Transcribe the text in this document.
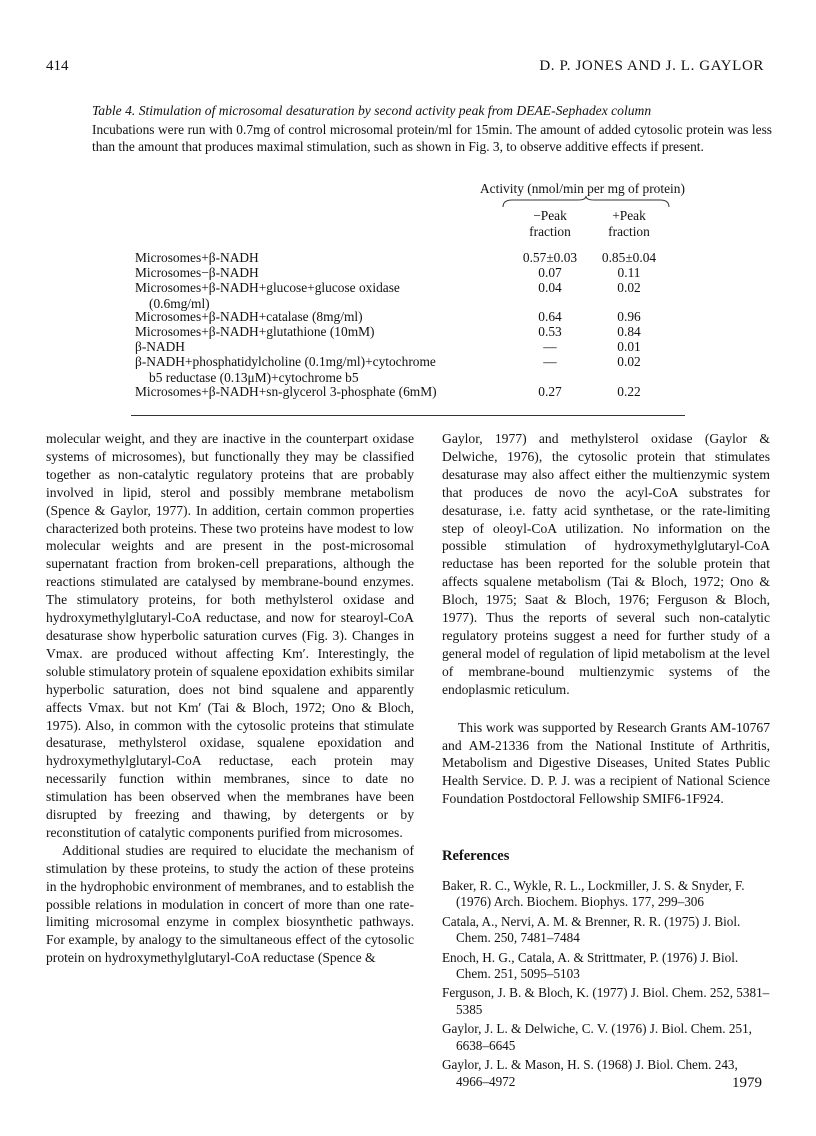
414	D. P. JONES AND J. L. GAYLOR
Table 4. Stimulation of microsomal desaturation by second activity peak from DEAE-Sephadex column
Incubations were run with 0.7mg of control microsomal protein/ml for 15min. The amount of added cytosolic protein was less than the amount that produces maximal stimulation, such as shown in Fig. 3, to observe additive effects if present.
Activity (nmol/min per mg of protein)
−Peak
fraction
+Peak
fraction
Microsomes+β-NADH	0.57±0.03	0.85±0.04
Microsomes−β-NADH	0.07	0.11
Microsomes+β-NADH+glucose+glucose oxidase
(0.6mg/ml)
0.04	0.02
Microsomes+β-NADH+catalase (8mg/ml)	0.64	0.96
Microsomes+β-NADH+glutathione (10mM)	0.53	0.84
β-NADH	—	0.01
β-NADH+phosphatidylcholine (0.1mg/ml)+cytochrome
b5 reductase (0.13μM)+cytochrome b5
—	0.02
Microsomes+β-NADH+sn-glycerol 3-phosphate (6mM)	0.27	0.22

molecular weight, and they are inactive in the counterpart oxidase systems of microsomes), but functionally they may be classified together as non-catalytic regulatory proteins that are probably involved in lipid, sterol and possibly membrane metabolism (Spence & Gaylor, 1977). In addition, certain common properties characterized both proteins. These two proteins have modest to low molecular weights and are present in the post-microsomal supernatant fraction from broken-cell preparations, although the reactions stimulated are catalysed by membrane-bound enzymes. The stimulatory proteins, for both methylsterol oxidase and hydroxymethylglutaryl-CoA reductase, and now for stearoyl-CoA desaturase show hyperbolic saturation curves (Fig. 3). Changes in Vmax. are produced without affecting Km′. Interestingly, the soluble stimulatory protein of squalene epoxidation exhibits similar hyperbolic saturation, does not bind squalene and apparently affects Vmax. but not Km′ (Tai & Bloch, 1972; Ono & Bloch, 1975). Also, in common with the cytosolic proteins that stimulate desaturase, methylsterol oxidase, squalene epoxidation and hydroxymethylglutaryl-CoA reductase, each protein may necessarily function within membranes, since to date no stimulation has been observed when the membranes have been disrupted by freezing and thawing, by detergents or by reconstitution of catalytic components purified from microsomes.

Additional studies are required to elucidate the mechanism of stimulation by these proteins, to study the action of these proteins in the hydrophobic environment of membranes, and to establish the possible relations in modulation in concert of more than one rate-limiting microsomal enzyme in complex biosynthetic pathways. For example, by analogy to the simultaneous effect of the cytosolic protein on hydroxymethylglutaryl-CoA reductase (Spence &

Gaylor, 1977) and methylsterol oxidase (Gaylor & Delwiche, 1976), the cytosolic protein that stimulates desaturase may also affect either the multienzymic system that produces de novo the acyl-CoA substrates for desaturase, i.e. fatty acid synthetase, or the rate-limiting step of oleoyl-CoA utilization. No information on the possible stimulation of hydroxymethylglutaryl-CoA reductase has been reported for the soluble protein that affects squalene metabolism (Tai & Bloch, 1972; Ono & Bloch, 1975; Saat & Bloch, 1976; Ferguson & Bloch, 1977). Thus the reports of several such non-catalytic regulatory proteins suggest a need for further study of a general model of regulation of lipid metabolism at the level of membrane-bound multienzymic systems of the endoplasmic reticulum.

This work was supported by Research Grants AM-10767 and AM-21336 from the National Institute of Arthritis, Metabolism and Digestive Diseases, United States Public Health Service. D. P. J. was a recipient of National Science Foundation Postdoctoral Fellowship SMIF6-1F924.

References

Baker, R. C., Wykle, R. L., Lockmiller, J. S. & Snyder, F. (1976) Arch. Biochem. Biophys. 177, 299–306

Catala, A., Nervi, A. M. & Brenner, R. R. (1975) J. Biol. Chem. 250, 7481–7484

Enoch, H. G., Catala, A. & Strittmater, P. (1976) J. Biol. Chem. 251, 5095–5103

Ferguson, J. B. & Bloch, K. (1977) J. Biol. Chem. 252, 5381–5385

Gaylor, J. L. & Delwiche, C. V. (1976) J. Biol. Chem. 251, 6638–6645

Gaylor, J. L. & Mason, H. S. (1968) J. Biol. Chem. 243, 4966–4972	1979
